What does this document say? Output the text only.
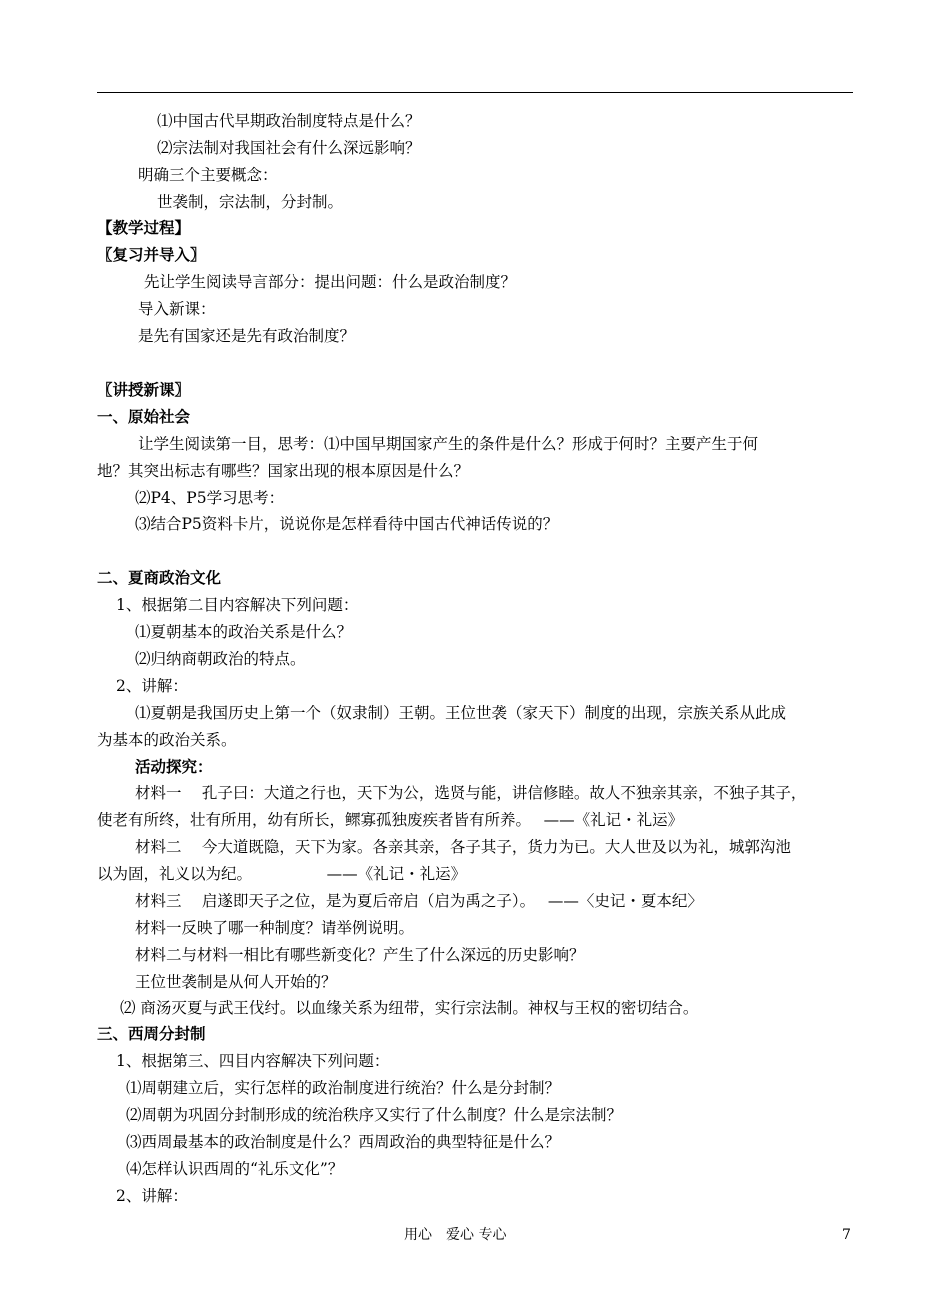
⑴中国古代早期政治制度特点是什么？
⑵宗法制对我国社会有什么深远影响？
明确三个主要概念：
世袭制，宗法制，分封制。
【教学过程】
〖复习并导入〗
先让学生阅读导言部分：提出问题：什么是政治制度？
导入新课：
是先有国家还是先有政治制度？
〖讲授新课〗
一、原始社会
让学生阅读第一目，思考：⑴中国早期国家产生的条件是什么？形成于何时？主要产生于何
地？其突出标志有哪些？国家出现的根本原因是什么？
⑵P4、P5学习思考：
⑶结合P5资料卡片，说说你是怎样看待中国古代神话传说的？
二、夏商政治文化
1、根据第二目内容解决下列问题：
⑴夏朝基本的政治关系是什么？
⑵归纳商朝政治的特点。
2、讲解：
⑴夏朝是我国历史上第一个（奴隶制）王朝。王位世袭（家天下）制度的出现，宗族关系从此成
为基本的政治关系。
活动探究：
材料一　 孔子曰：大道之行也，天下为公，选贤与能，讲信修睦。故人不独亲其亲，不独子其子，
使老有所终，壮有所用，幼有所长，鳏寡孤独废疾者皆有所养。　 ——《礼记・礼运》
材料二　 今大道既隐，天下为家。各亲其亲，各子其子，货力为已。大人世及以为礼，城郭沟池
以为固，礼义以为纪。　　　　　 ——《礼记・礼运》
材料三　 启遂即天子之位，是为夏后帝启（启为禹之子）。　 ——〈史记・夏本纪〉
材料一反映了哪一种制度？请举例说明。
材料二与材料一相比有哪些新变化？产生了什么深远的历史影响？
王位世袭制是从何人开始的？
⑵ 商汤灭夏与武王伐纣。以血缘关系为纽带，实行宗法制。神权与王权的密切结合。
三、西周分封制
1、根据第三、四目内容解决下列问题：
⑴周朝建立后，实行怎样的政治制度进行统治？什么是分封制？
⑵周朝为巩固分封制形成的统治秩序又实行了什么制度？什么是宗法制？
⑶西周最基本的政治制度是什么？西周政治的典型特征是什么？
⑷怎样认识西周的“礼乐文化”？
2、讲解：
用心　爱心 专心	7
